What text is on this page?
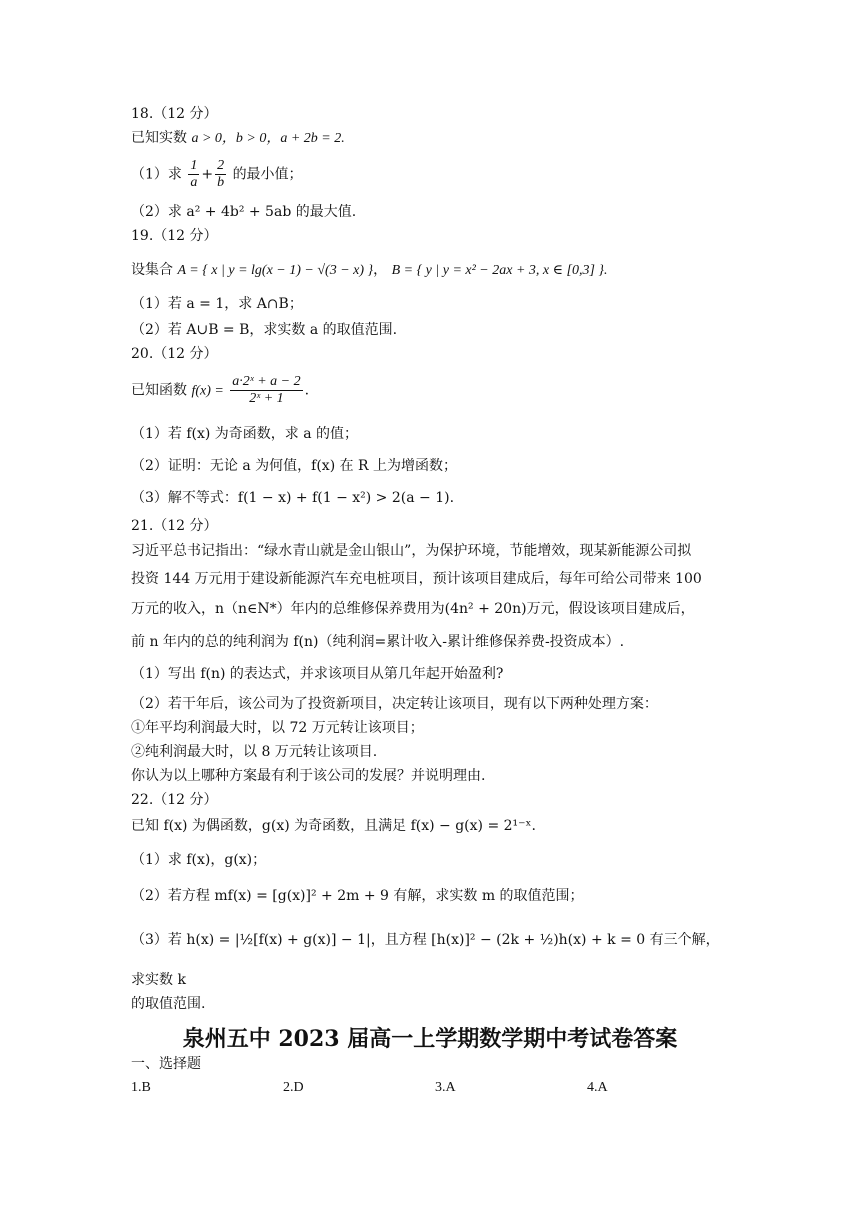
18.（12 分）
已知实数 a > 0，b > 0，a + 2b = 2.
（1）求 $\frac{1}{a} + \frac{2}{b}$ 的最小值；
（2）求 a² + 4b² + 5ab 的最大值.
19.（12 分）
设集合 A = { x | y = lg(x − 1) − √(3 − x) }， B = { y | y = x² − 2ax + 3, x ∈ [0,3] }.
（1）若 a = 1，求 A∩B；
（2）若 A∪B = B，求实数 a 的取值范围.
20.（12 分）
已知函数 $f(x) = \frac{\text{a·2ˣ + a − 2}}{\text{2ˣ + 1}}$ .
（1）若 f(x) 为奇函数，求 a 的值；
（2）证明：无论 a 为何值，f(x) 在 R 上为增函数；
（3）解不等式：f(1 − x) + f(1 − x²) > 2(a − 1).
21.（12 分）
习近平总书记指出：“绿水青山就是金山银山”，为保护环境，节能增效，现某新能源公司拟
投资 144 万元用于建设新能源汽车充电桩项目，预计该项目建成后，每年可给公司带来 100
万元的收入，n（n∈N*）年内的总维修保养费用为(4n² + 20n)万元，假设该项目建成后，
前 n 年内的总的纯利润为 f(n)（纯利润=累计收入-累计维修保养费-投资成本）.
（1）写出 f(n) 的表达式，并求该项目从第几年起开始盈利?
（2）若干年后，该公司为了投资新项目，决定转让该项目，现有以下两种处理方案：
①年平均利润最大时，以 72 万元转让该项目；
②纯利润最大时，以 8 万元转让该项目.
你认为以上哪种方案最有利于该公司的发展？并说明理由.
22.（12 分）
已知 f(x) 为偶函数，g(x) 为奇函数，且满足 f(x) − g(x) = 2¹⁻ˣ.
（1）求 f(x)，g(x)；
（2）若方程 mf(x) = [g(x)]² + 2m + 9 有解，求实数 m 的取值范围；
（3）若 h(x) = |½[f(x) + g(x)] − 1|，且方程 [h(x)]² − (2k + ½)h(x) + k = 0 有三个解，
求实数 k
的取值范围.
泉州五中 2023 届高一上学期数学期中考试卷答案
一、选择题
1.B	2.D	3.A	4.A
